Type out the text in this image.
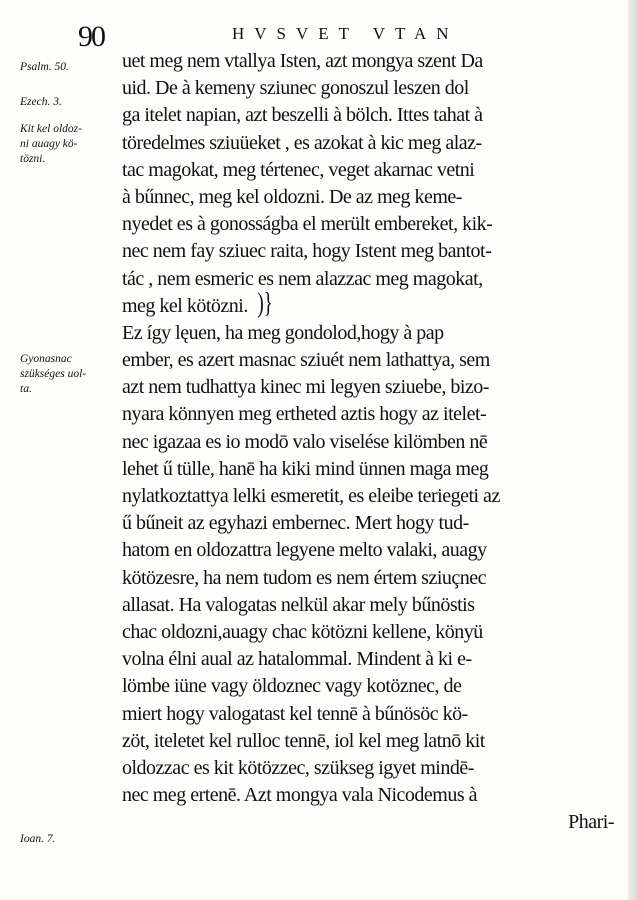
90	HVSVET VTAN
Psalm. 50.
Ezech. 3.
Kit kel oldoz-
ni auagy kö-
tözni.
Gyonasnac
szükséges uol-
ta.
Ioan. 7.
uet meg nem vtallya Isten, azt mongya szent Da
uid. De à kemeny sziunec gonoszul leszen dol
ga itelet napian, azt beszelli à bölch. Ittes tahat à
töredelmes sziuüeket , es azokat à kic meg alaz-
tac magokat, meg tértenec, veget akarnac vetni
à bűnnec, meg kel oldozni. De az meg keme-
nyedet es à gonosságba el merült embereket, kik-
nec nem fay sziuec raita, hogy Istent meg bantot-
tác , nem esmeric es nem alazzac meg magokat,
meg kel kötözni. )}
Ez így lęuen, ha meg gondolod,hogy à pap
ember, es azert masnac sziuét nem lathattya, sem
azt nem tudhattya kinec mi legyen sziuebe, bizo-
nyara könnyen meg ertheted aztis hogy az itelet-
nec igazaa es io modō valo viselése kilömben nē
lehet ű tülle, hanē ha kiki mind ünnen maga meg
nylatkoztattya lelki esmeretit, es eleibe teriegeti az
ű bűneit az egyhazi embernec. Mert hogy tud-
hatom en oldozattra legyene melto valaki, auagy
kötözesre, ha nem tudom es nem értem sziuçnec
allasat. Ha valogatas nelkül akar mely bűnöstis
chac oldozni,auagy chac kötözni kellene, könyü
volna élni aual az hatalommal. Mindent à ki e-
lömbe iüne vagy öldoznec vagy kotöznec, de
miert hogy valogatast kel tennē à bűnösöc kö-
zöt, iteletet kel rulloc tennē, iol kel meg latnō kit
oldozzac es kit kötözzec, szükseg igyet mindē-
nec meg ertenē. Azt mongya vala Nicodemus à
Phari-
